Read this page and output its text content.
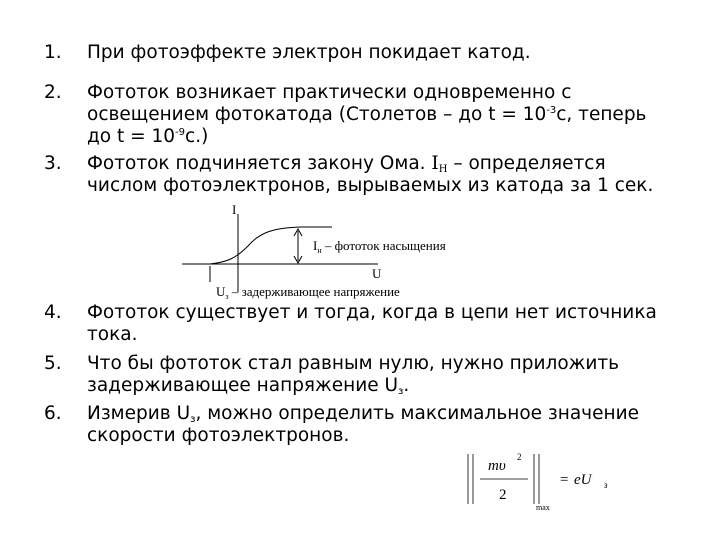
1. При фотоэффекте электрон покидает катод.
2. Фототок возникает практически одновременно с
освещением фотокатода (Столетов – до $t = 10^{-3}с$, теперь
до $t = 10^{-9}с$.)
3. Фототок подчиняется закону Ома. $I_Н$ – определяется
числом фотоэлектронов, вырываемых из катода за 1 сек.
I
U
$I_н$ – фототок насыщения
$U_з$ – задерживающее напряжение
4. Фототок существует и тогда, когда в цепи нет источника
тока.
5. Что бы фототок стал равным нулю, нужно приложить
задерживающее напряжение $U_з$.
6. Измерив $U_з$, можно определить максимальное значение
скорости фотоэлектронов.
mυ
2
2
max
= eU з
